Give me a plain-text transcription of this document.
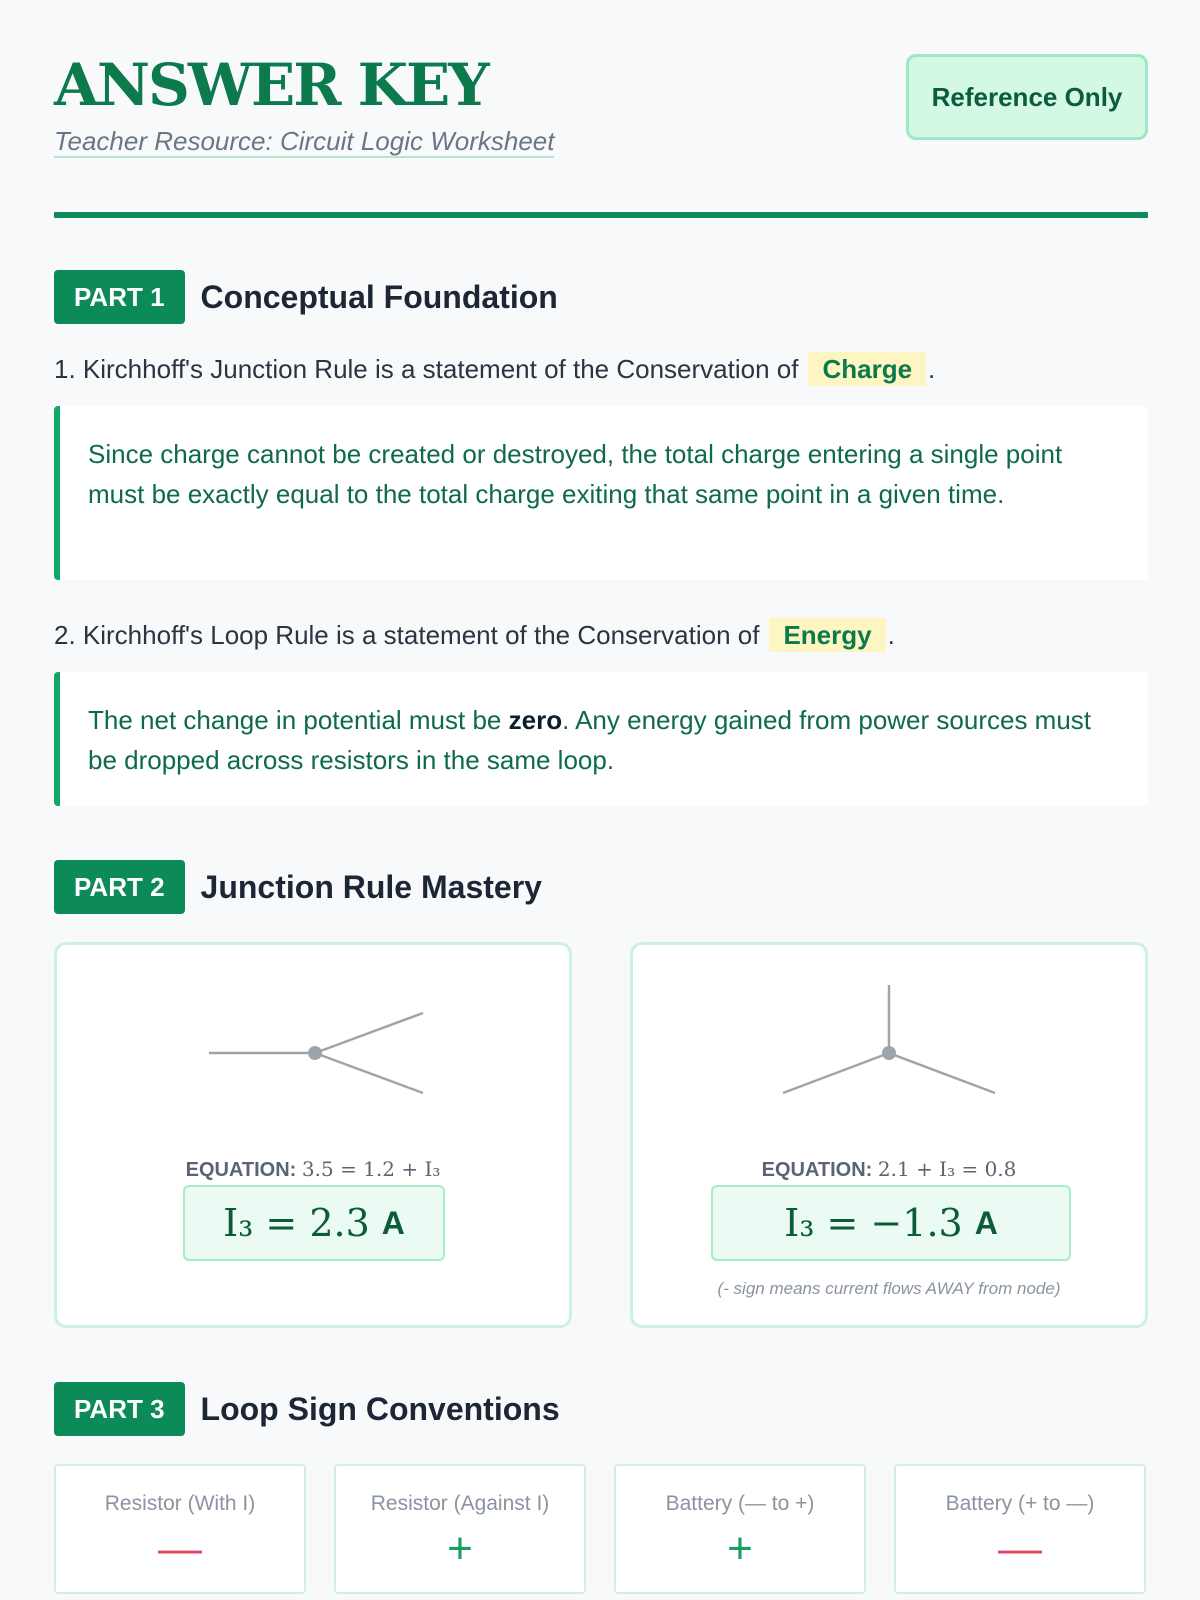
ANSWER KEY
Teacher Resource: Circuit Logic Worksheet
Reference Only
PART 1	Conceptual Foundation
1. Kirchhoff's Junction Rule is a statement of the Conservation of Charge .
Since charge cannot be created or destroyed, the total charge entering a single point must be exactly equal to the total charge exiting that same point in a given time.
2. Kirchhoff's Loop Rule is a statement of the Conservation of Energy .
The net change in potential must be zero. Any energy gained from power sources must be dropped across resistors in the same loop.
PART 2	Junction Rule Mastery
EQUATION: 3.5 = 1.2 + I₃
I₃ = 2.3 A
EQUATION: 2.1 + I₃ = 0.8
I₃ = −1.3 A
(- sign means current flows AWAY from node)
PART 3	Loop Sign Conventions
Resistor (With I)
—
Resistor (Against I)
+
Battery (— to +)
+
Battery (+ to —)
—
